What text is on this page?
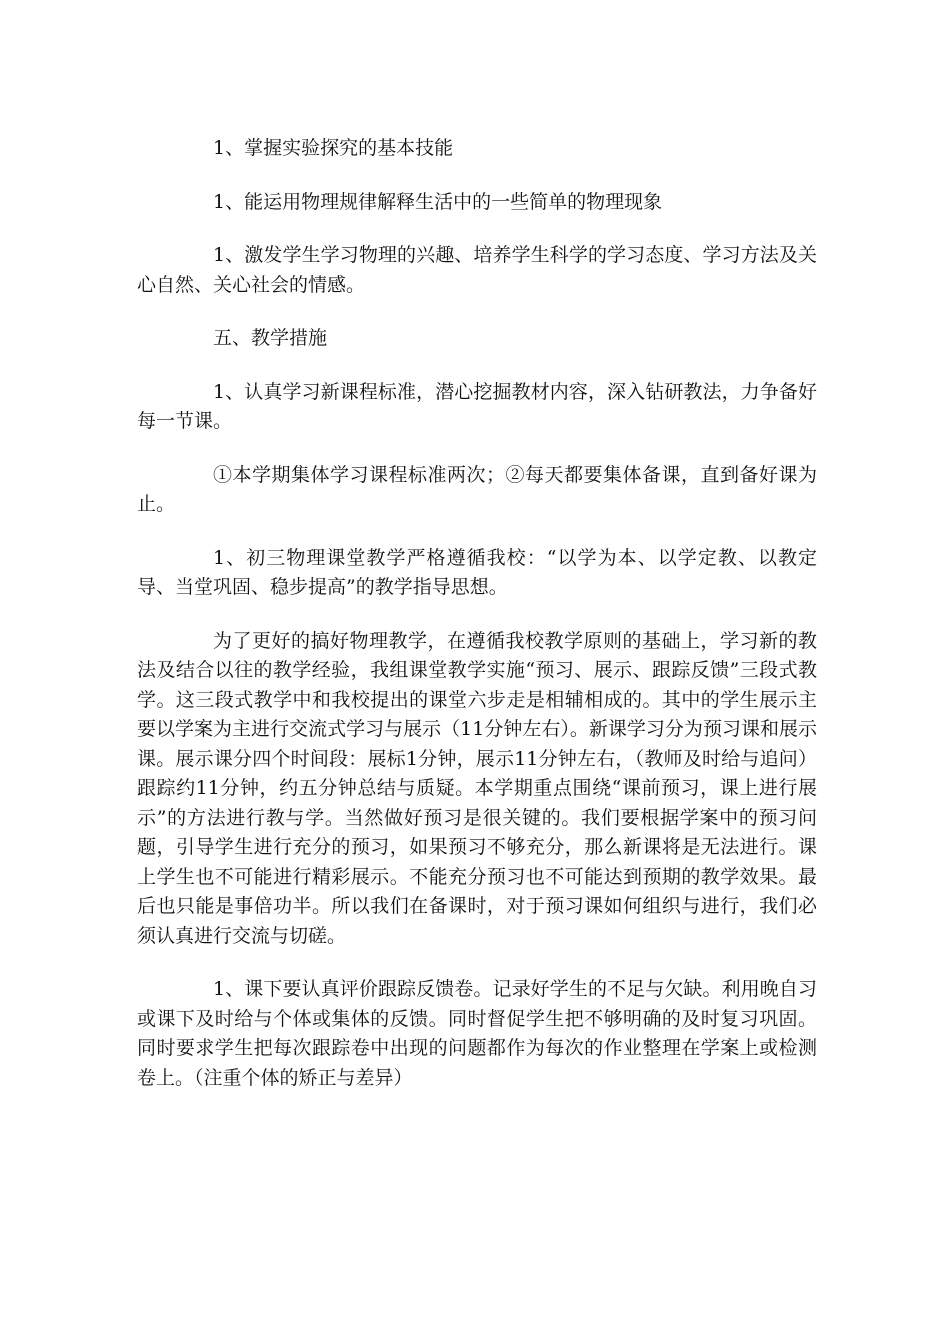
1、掌握实验探究的基本技能

1、能运用物理规律解释生活中的一些简单的物理现象

1、激发学生学习物理的兴趣、培养学生科学的学习态度、学习方法及关心自然、关心社会的情感。

五、教学措施

1、认真学习新课程标准，潜心挖掘教材内容，深入钻研教法，力争备好每一节课。

①本学期集体学习课程标准两次；②每天都要集体备课，直到备好课为止。

1、初三物理课堂教学严格遵循我校：“以学为本、以学定教、以教定导、当堂巩固、稳步提高”的教学指导思想。

为了更好的搞好物理教学，在遵循我校教学原则的基础上，学习新的教法及结合以往的教学经验，我组课堂教学实施“预习、展示、跟踪反馈”三段式教学。这三段式教学中和我校提出的课堂六步走是相辅相成的。其中的学生展示主要以学案为主进行交流式学习与展示（11分钟左右）。新课学习分为预习课和展示课。展示课分四个时间段：展标1分钟，展示11分钟左右，（教师及时给与追问）跟踪约11分钟，约五分钟总结与质疑。本学期重点围绕“课前预习，课上进行展示”的方法进行教与学。当然做好预习是很关键的。我们要根据学案中的预习问题，引导学生进行充分的预习，如果预习不够充分，那么新课将是无法进行。课上学生也不可能进行精彩展示。不能充分预习也不可能达到预期的教学效果。最后也只能是事倍功半。所以我们在备课时，对于预习课如何组织与进行，我们必须认真进行交流与切磋。

1、课下要认真评价跟踪反馈卷。记录好学生的不足与欠缺。利用晚自习或课下及时给与个体或集体的反馈。同时督促学生把不够明确的及时复习巩固。同时要求学生把每次跟踪卷中出现的问题都作为每次的作业整理在学案上或检测卷上。（注重个体的矫正与差异）
